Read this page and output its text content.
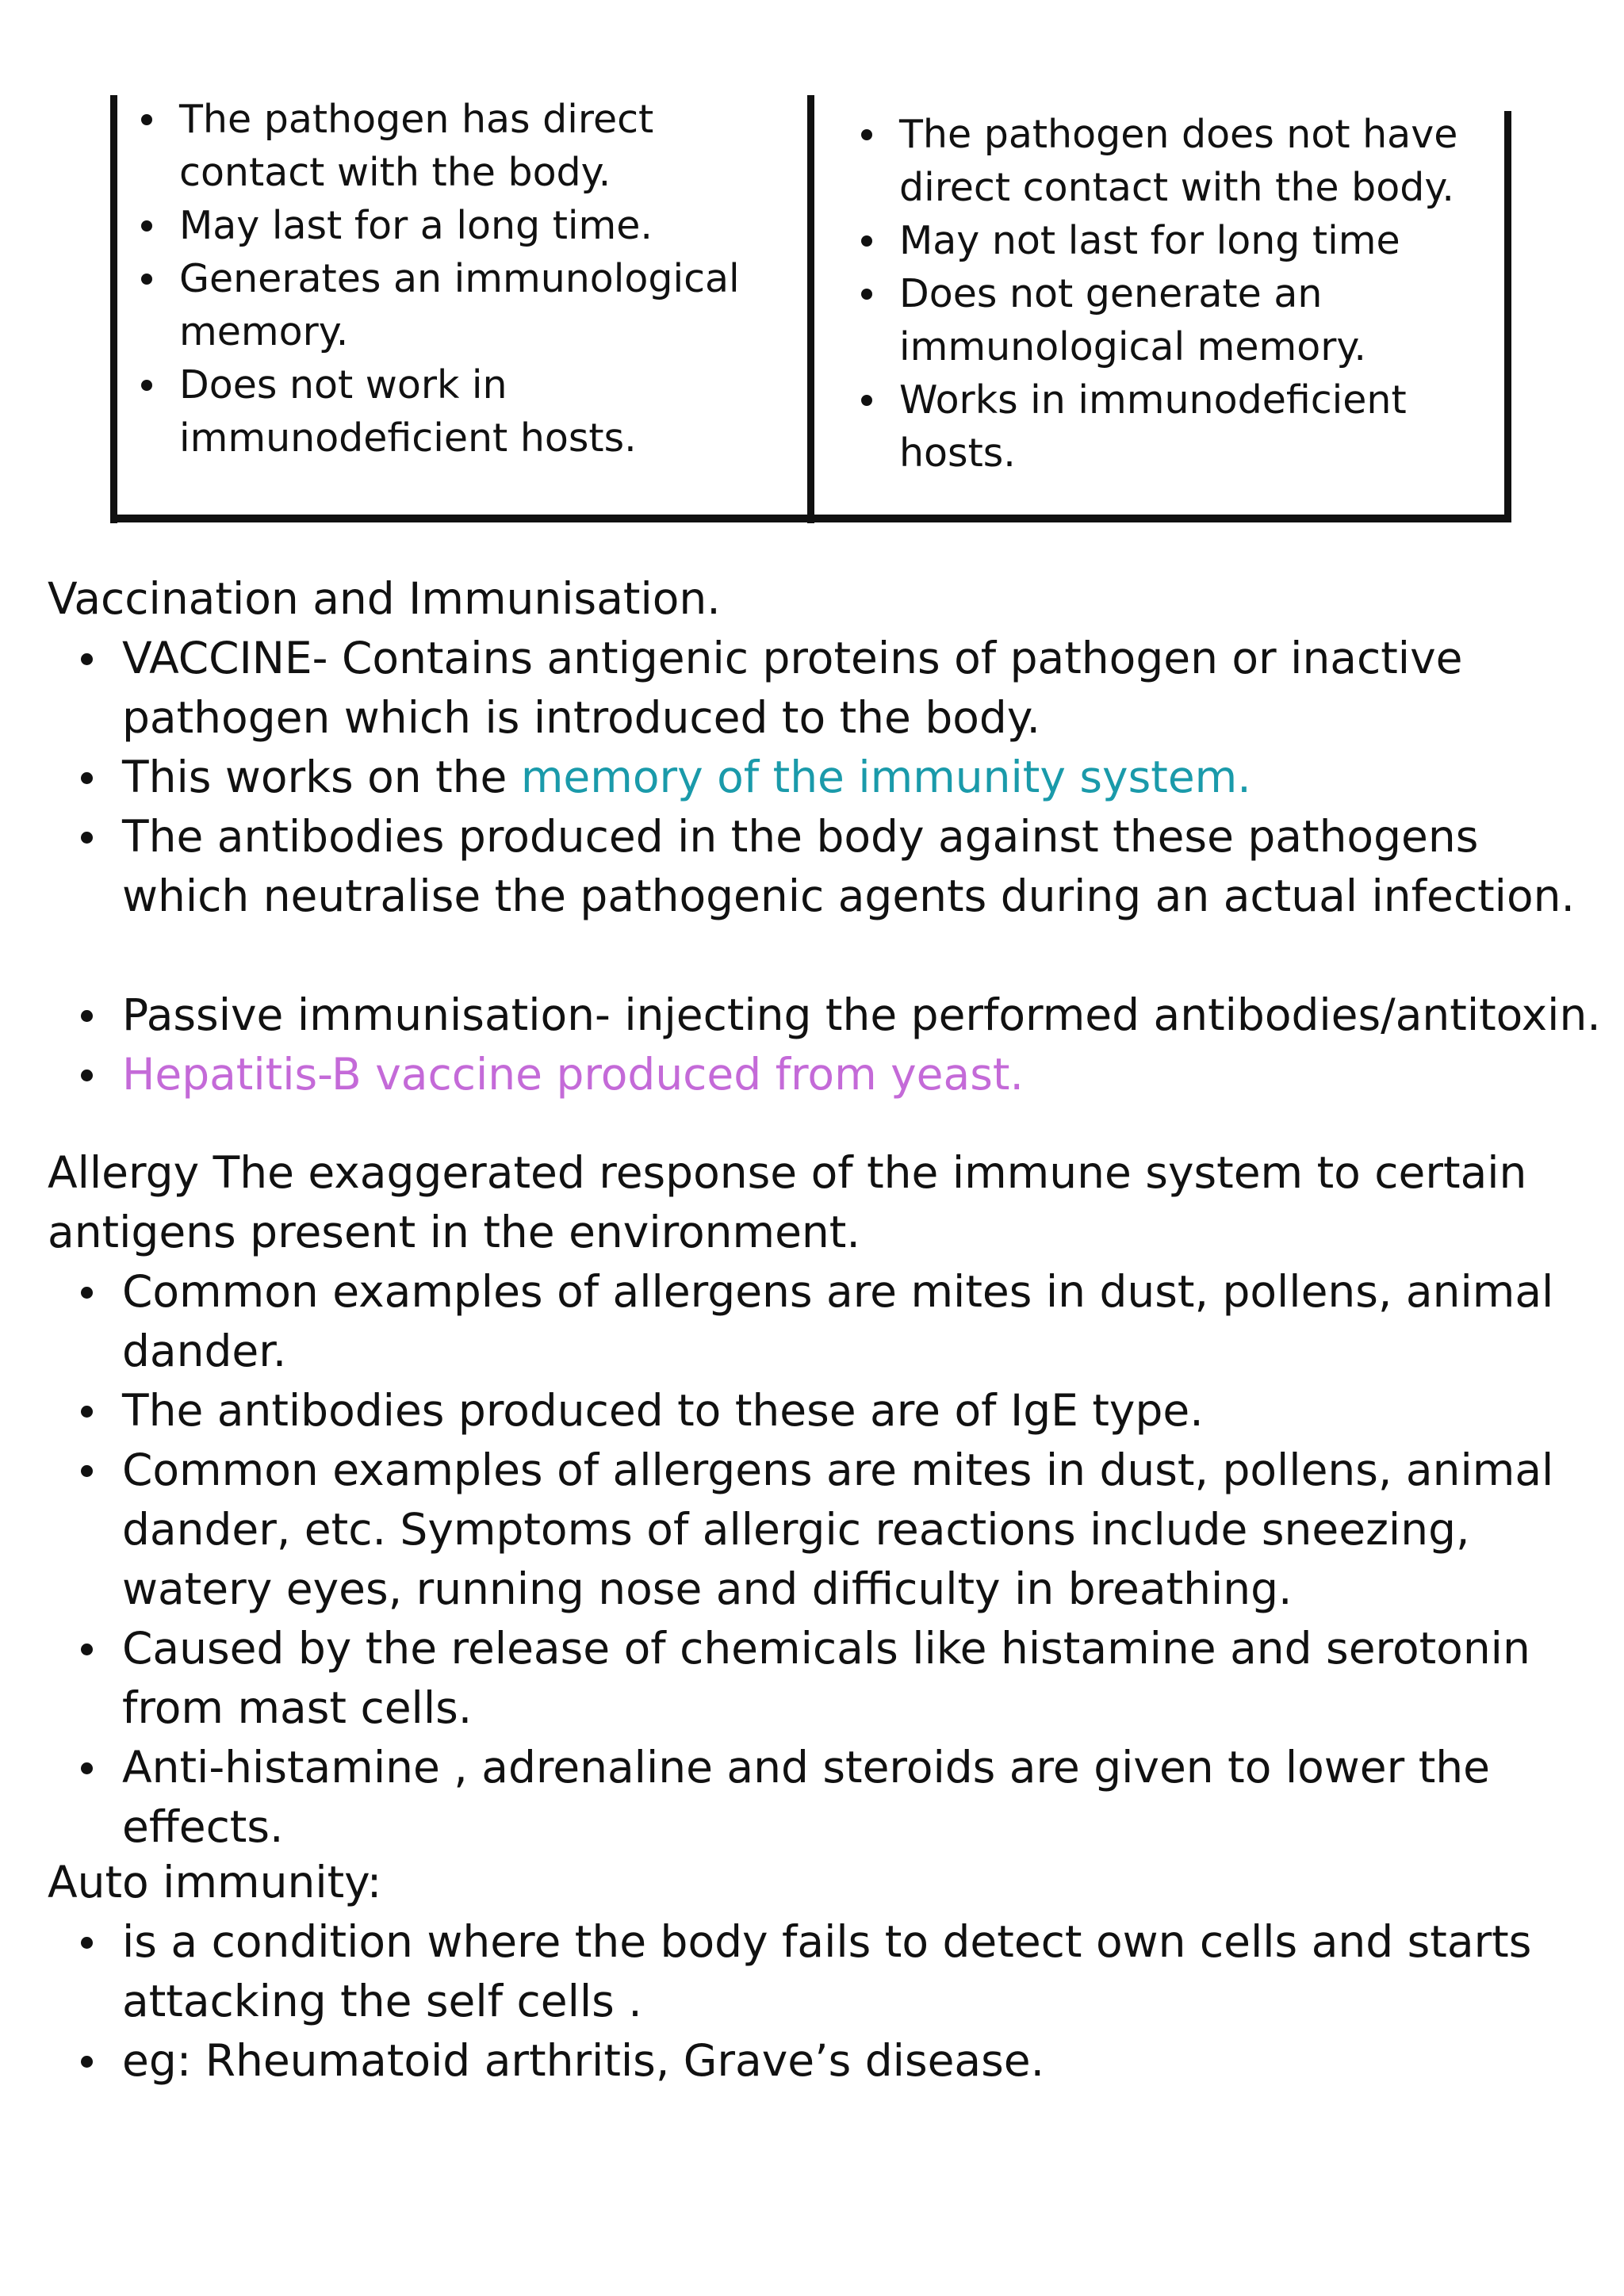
The pathogen has direct contact with the body.
May last for a long time.
Generates an immunological memory.
Does not work in immunodeficient hosts.
The pathogen does not have direct contact with the body.
May not last for long time
Does not generate an immunological memory.
Works in immunodeficient hosts.
Vaccination and Immunisation.
VACCINE- Contains antigenic proteins of pathogen or inactive pathogen which is introduced to the body.
This works on the memory of the immunity system.
The antibodies produced in the body against these pathogens which neutralise the pathogenic agents during an actual infection.
Passive immunisation- injecting the performed antibodies/antitoxin.
Hepatitis-B vaccine produced from yeast.
Allergy The exaggerated response of the immune system to certain antigens present in the environment.
Common examples of allergens are mites in dust, pollens, animal dander.
The antibodies produced to these are of IgE type.
Common examples of allergens are mites in dust, pollens, animal dander, etc. Symptoms of allergic reactions include sneezing, watery eyes, running nose and difficulty in breathing.
Caused by the release of chemicals like histamine and serotonin from mast cells.
Anti-histamine , adrenaline and steroids are given to lower the effects.
Auto immunity:
is a condition where the body fails to detect own cells and starts attacking the self cells .
eg: Rheumatoid arthritis, Grave’s disease.
